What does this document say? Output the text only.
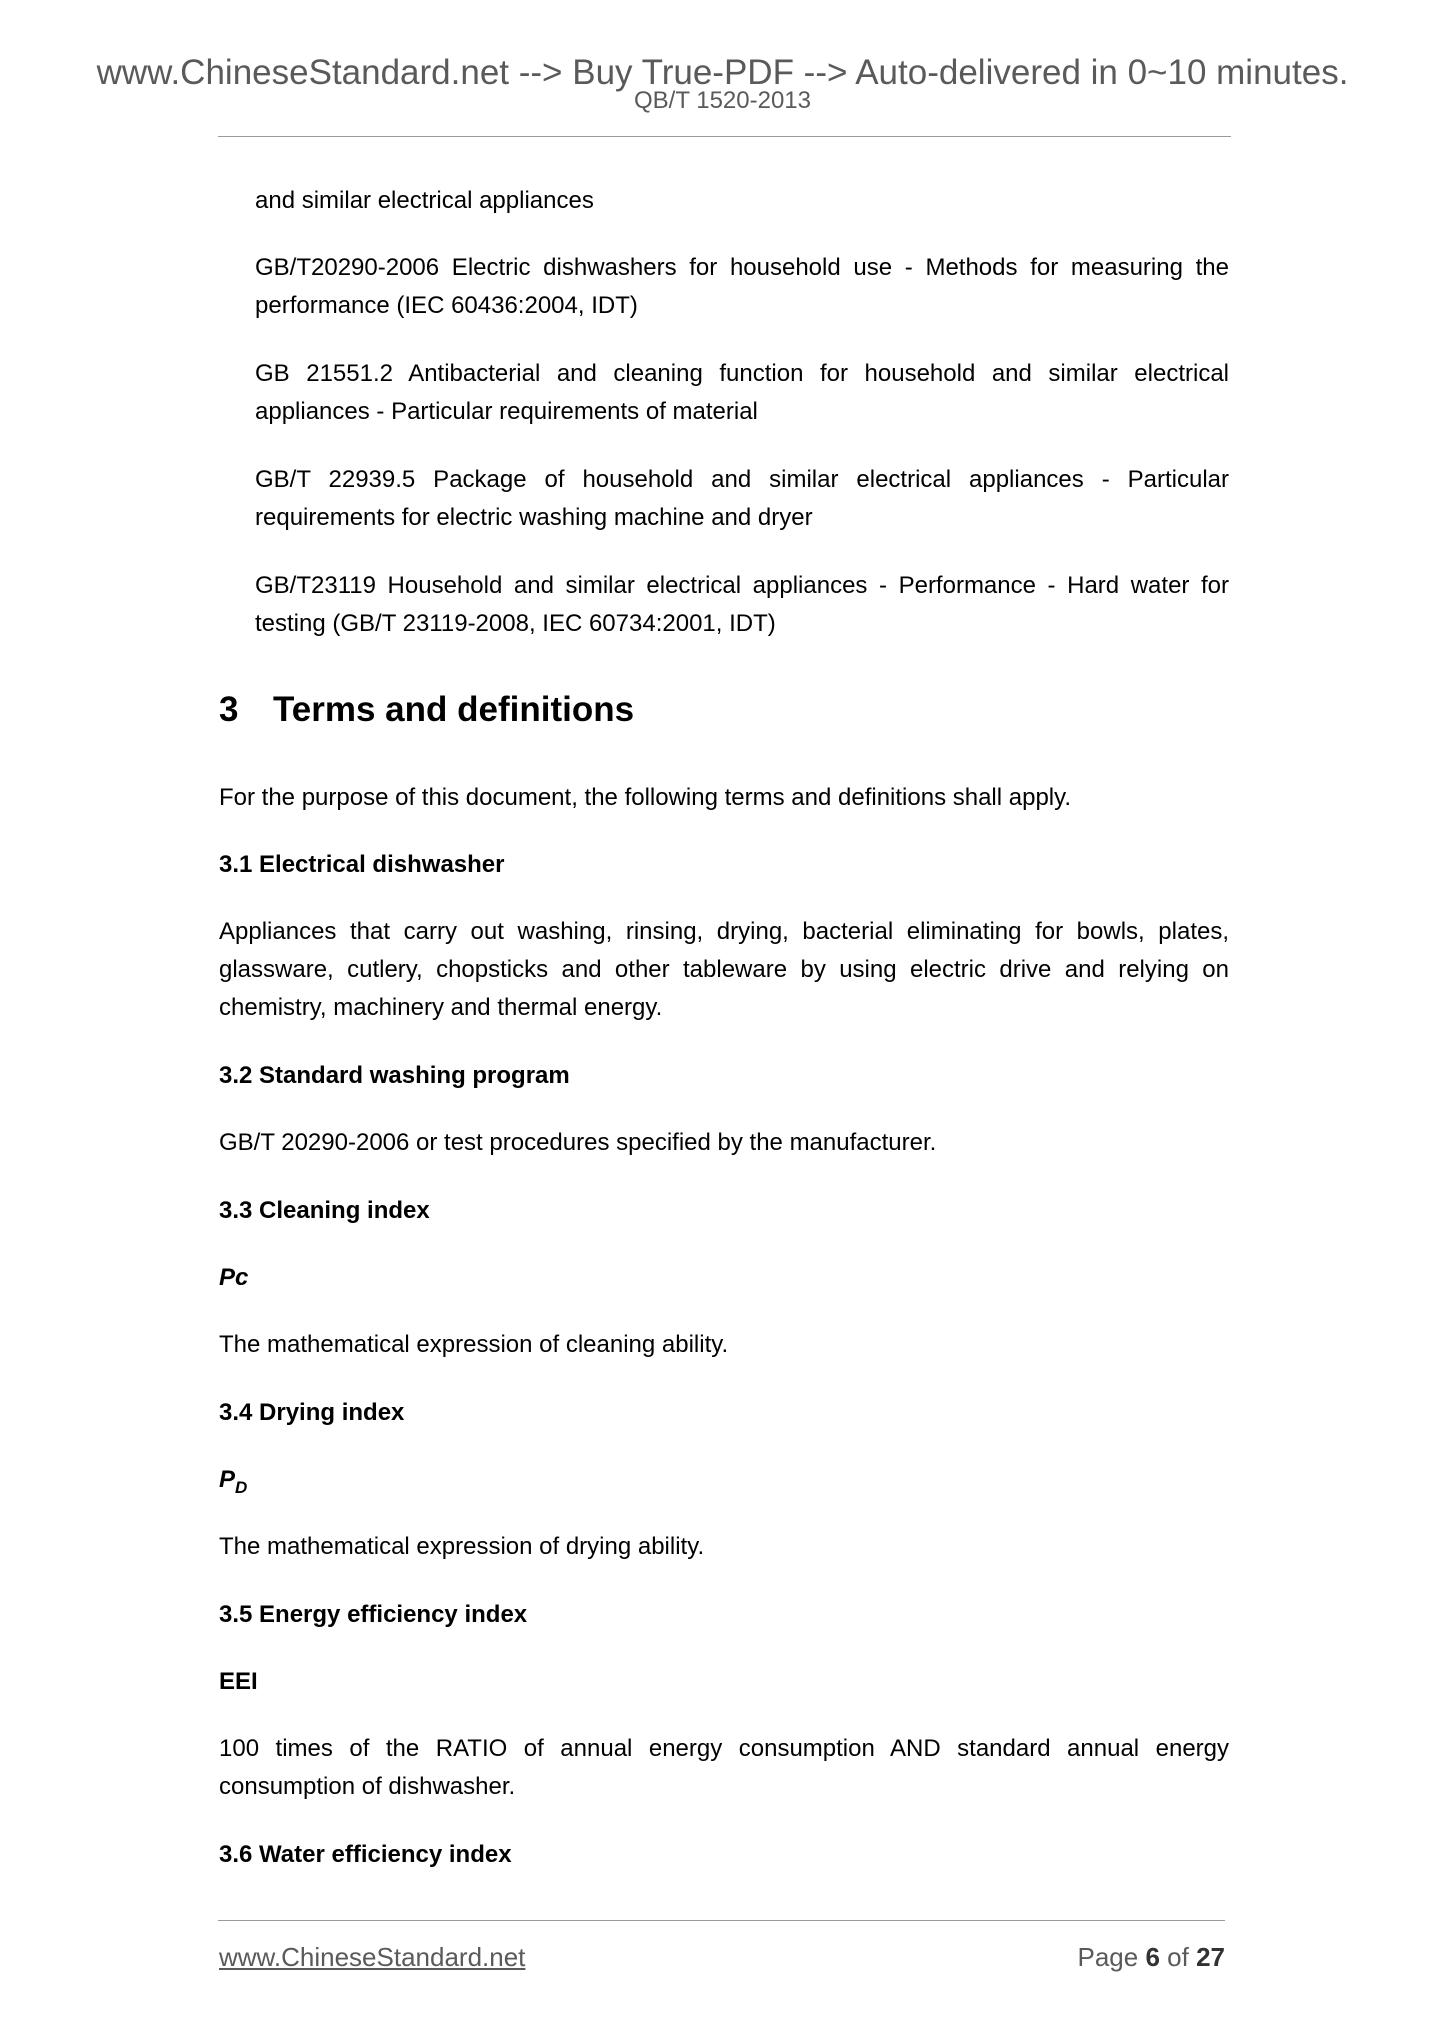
www.ChineseStandard.net --> Buy True-PDF --> Auto-delivered in 0~10 minutes.
QB/T 1520-2013

and similar electrical appliances

GB/T20290-2006 Electric dishwashers for household use - Methods for measuring the performance (IEC 60436:2004, IDT)

GB 21551.2 Antibacterial and cleaning function for household and similar electrical appliances - Particular requirements of material

GB/T 22939.5 Package of household and similar electrical appliances - Particular requirements for electric washing machine and dryer

GB/T23119 Household and similar electrical appliances - Performance - Hard water for testing (GB/T 23119-2008, IEC 60734:2001, IDT)

3 Terms and definitions

For the purpose of this document, the following terms and definitions shall apply.

3.1 Electrical dishwasher

Appliances that carry out washing, rinsing, drying, bacterial eliminating for bowls, plates, glassware, cutlery, chopsticks and other tableware by using electric drive and relying on chemistry, machinery and thermal energy.

3.2 Standard washing program

GB/T 20290-2006 or test procedures specified by the manufacturer.

3.3 Cleaning index

Pc

The mathematical expression of cleaning ability.

3.4 Drying index

$P_D$

The mathematical expression of drying ability.

3.5 Energy efficiency index

EEI

100 times of the RATIO of annual energy consumption AND standard annual energy consumption of dishwasher.

3.6 Water efficiency index

www.ChineseStandard.net	Page 6 of 27
